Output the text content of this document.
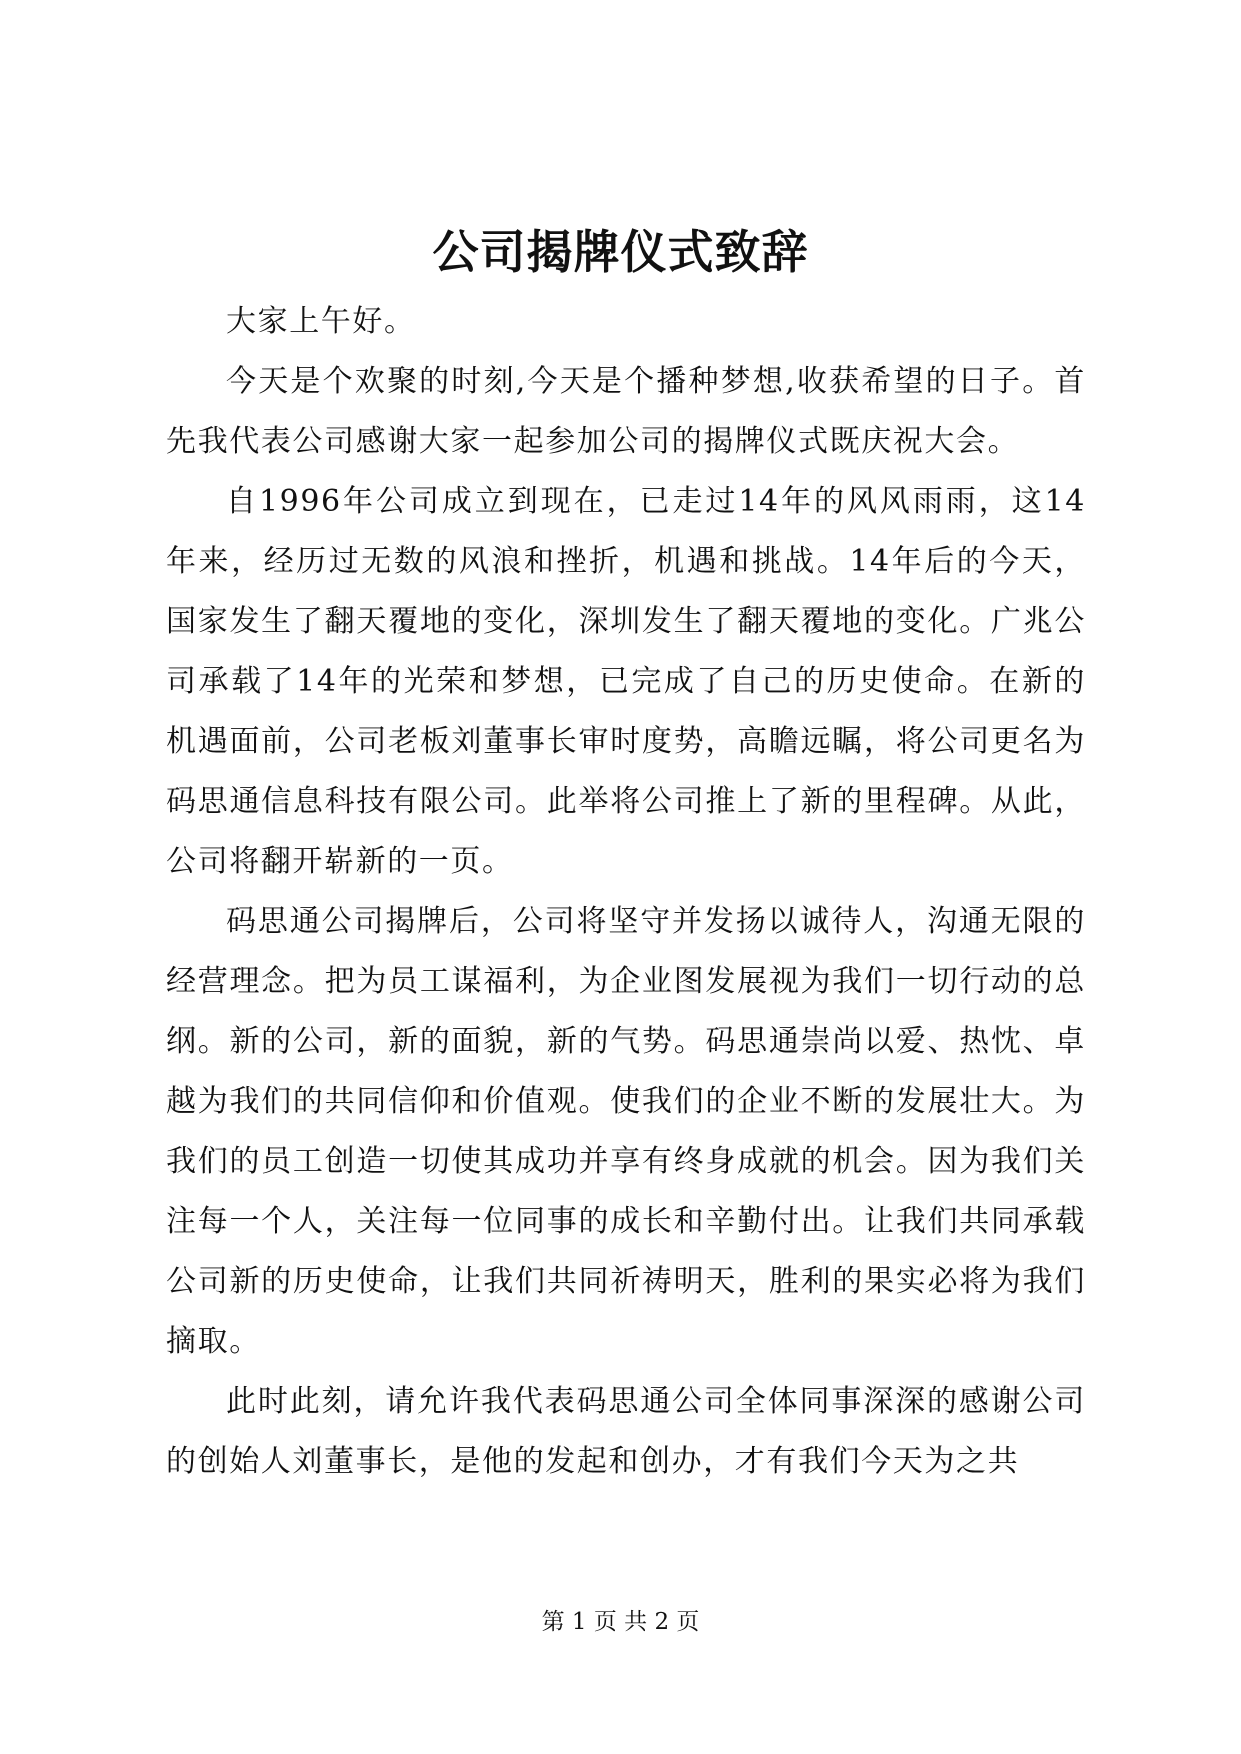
公司揭牌仪式致辞

大家上午好。

今天是个欢聚的时刻,今天是个播种梦想,收获希望的日子。首先我代表公司感谢大家一起参加公司的揭牌仪式既庆祝大会。

自1996年公司成立到现在，已走过14年的风风雨雨，这14年来，经历过无数的风浪和挫折，机遇和挑战。14年后的今天，国家发生了翻天覆地的变化，深圳发生了翻天覆地的变化。广兆公司承载了14年的光荣和梦想，已完成了自己的历史使命。在新的机遇面前，公司老板刘董事长审时度势，高瞻远瞩，将公司更名为码思通信息科技有限公司。此举将公司推上了新的里程碑。从此，公司将翻开崭新的一页。

码思通公司揭牌后，公司将坚守并发扬以诚待人，沟通无限的经营理念。把为员工谋福利，为企业图发展视为我们一切行动的总纲。新的公司，新的面貌，新的气势。码思通崇尚以爱、热忱、卓越为我们的共同信仰和价值观。使我们的企业不断的发展壮大。为我们的员工创造一切使其成功并享有终身成就的机会。因为我们关注每一个人，关注每一位同事的成长和辛勤付出。让我们共同承载公司新的历史使命，让我们共同祈祷明天，胜利的果实必将为我们摘取。

此时此刻，请允许我代表码思通公司全体同事深深的感谢公司的创始人刘董事长，是他的发起和创办，才有我们今天为之共

第 1 页 共 2 页
